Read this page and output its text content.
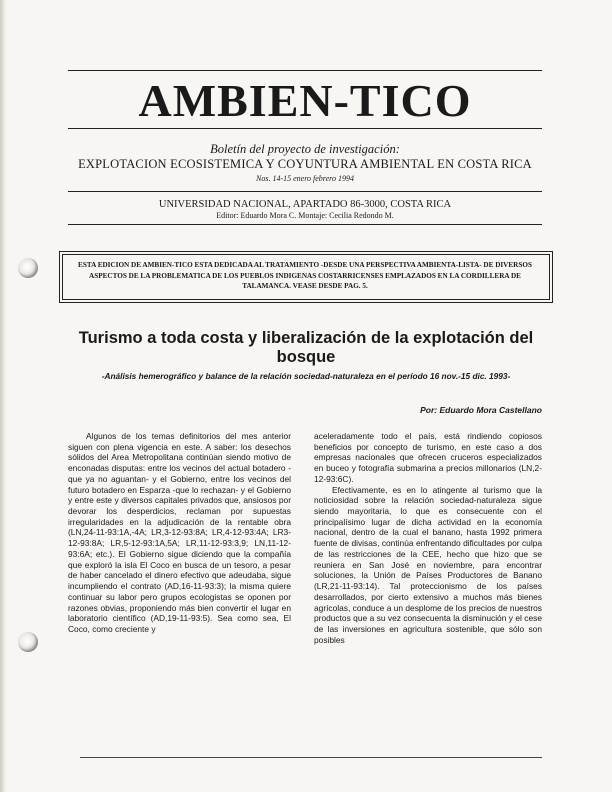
AMBIEN-TICO
Boletín del proyecto de investigación:
EXPLOTACION ECOSISTEMICA Y COYUNTURA AMBIENTAL EN COSTA RICA
Nos. 14-15 enero febrero 1994
UNIVERSIDAD NACIONAL, APARTADO 86-3000, COSTA RICA
Editor: Eduardo Mora C. Montaje: Cecilia Redondo M.
ESTA EDICION DE AMBIEN-TICO ESTA DEDICADA AL TRATAMIENTO -DESDE UNA PERSPECTIVA AMBIENTA-LISTA- DE DIVERSOS ASPECTOS DE LA PROBLEMATICA DE LOS PUEBLOS INDIGENAS COSTARRICENSES EMPLAZADOS EN LA CORDILLERA DE TALAMANCA. VEASE DESDE PAG. 5.
Turismo a toda costa y liberalización de la explotación del bosque
-Análisis hemerográfico y balance de la relación sociedad-naturaleza en el período 16 nov.-15 dic. 1993-
Por: Eduardo Mora Castellano

Algunos de los temas definitorios del mes anterior siguen con plena vigencia en este. A saber: los desechos sólidos del Area Metropolitana continúan siendo motivo de enconadas disputas: entre los vecinos del actual botadero -que ya no aguantan- y el Gobierno, entre los vecinos del futuro botadero en Esparza -que lo rechazan- y el Gobierno y entre este y diversos capitales privados que, ansiosos por devorar los desperdicios, reclaman por supuestas irregularidades en la adjudicación de la rentable obra (LN,24-11-93:1A,-4A; LR,3-12-93:8A; LR,4-12-93:4A; LR3-12-93:8A; LR,5-12-93:1A,5A; LR,11-12-93:3,9; LN,11-12-93:6A; etc.). El Gobierno sigue diciendo que la compañía que exploró la isla El Coco en busca de un tesoro, a pesar de haber cancelado el dinero efectivo que adeudaba, sigue incumpliendo el contrato (AD,16-11-93:3); la misma quiere continuar su labor pero grupos ecologistas se oponen por razones obvias, proponiendo más bien convertir el lugar en laboratorio científico (AD,19-11-93:5). Sea como sea, El Coco, como creciente y

aceleradamente todo el país, está rindiendo copiosos beneficios por concepto de turismo, en este caso a dos empresas nacionales que ofrecen cruceros especializados en buceo y fotografía submarina a precios millonarios (LN,2-12-93:6C).

Efectivamente, es en lo atingente al turismo que la noticiosidad sobre la relación sociedad-naturaleza sigue siendo mayoritaria, lo que es consecuente con el principalísimo lugar de dicha actividad en la economía nacional, dentro de la cual el banano, hasta 1992 primera fuente de divisas, continúa enfrentando dificultades por culpa de las restricciones de la CEE, hecho que hizo que se reuniera en San José en noviembre, para encontrar soluciones, la Unión de Países Productores de Banano (LR,21-11-93:14). Tal proteccionismo de los países desarrollados, por cierto extensivo a muchos más bienes agrícolas, conduce a un desplome de los precios de nuestros productos que a su vez consecuenta la disminución y el cese de las inversiones en agricultura sostenible, que sólo son posibles
